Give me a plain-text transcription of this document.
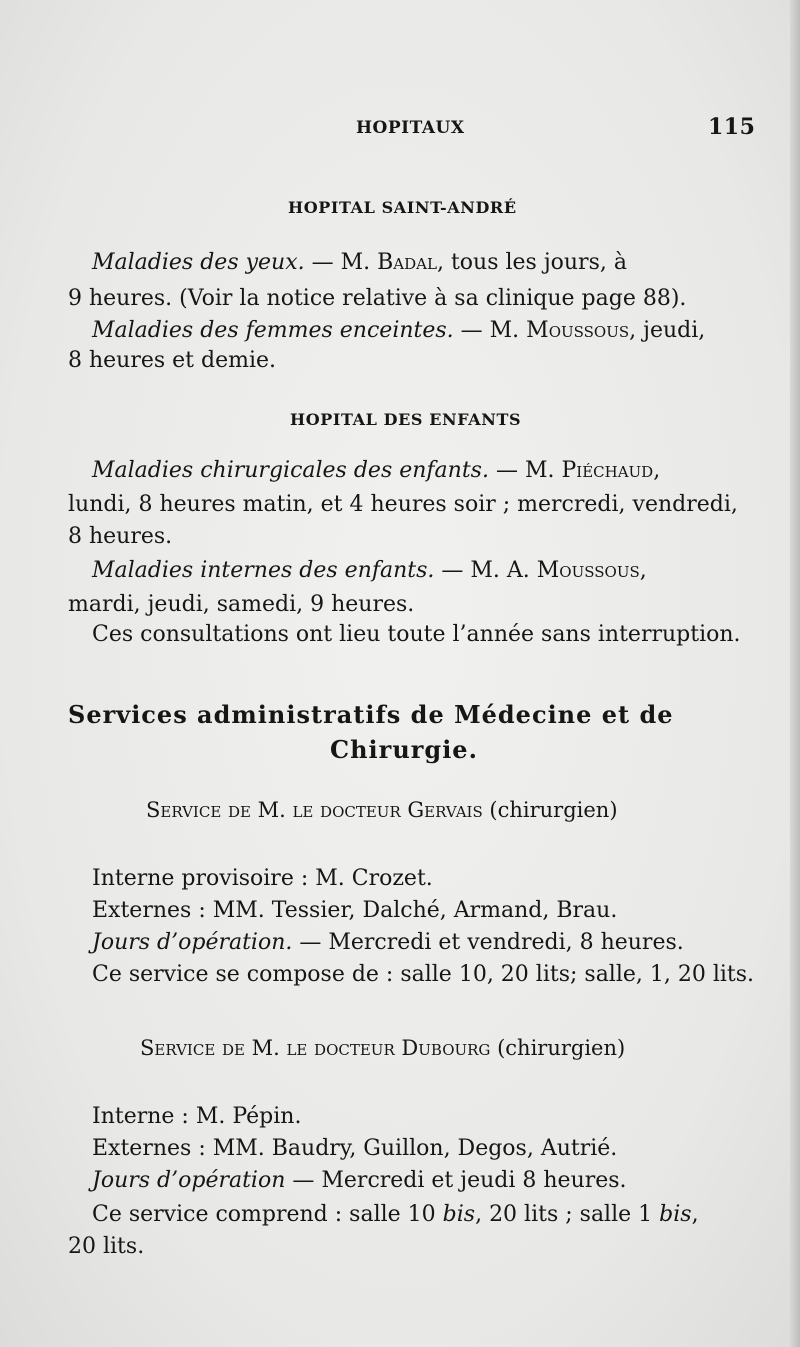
HOPITAUX	115
HOPITAL SAINT-ANDRÉ
Maladies des yeux. — M. Badal, tous les jours, à
9 heures. (Voir la notice relative à sa clinique page 88).
Maladies des femmes enceintes. — M. Moussous, jeudi,
8 heures et demie.
HOPITAL DES ENFANTS
Maladies chirurgicales des enfants. — M. Piéchaud,
lundi, 8 heures matin, et 4 heures soir ; mercredi, vendredi,
8 heures.
Maladies internes des enfants. — M. A. Moussous,
mardi, jeudi, samedi, 9 heures.
Ces consultations ont lieu toute l’année sans interruption.
Services administratifs de Médecine et de
Chirurgie.
Service de M. le docteur Gervais (chirurgien)
Interne provisoire : M. Crozet.
Externes : MM. Tessier, Dalché, Armand, Brau.
Jours d’opération. — Mercredi et vendredi, 8 heures.
Ce service se compose de : salle 10, 20 lits; salle, 1, 20 lits.
Service de M. le docteur Dubourg (chirurgien)
Interne : M. Pépin.
Externes : MM. Baudry, Guillon, Degos, Autrié.
Jours d’opération — Mercredi et jeudi 8 heures.
Ce service comprend : salle 10 bis, 20 lits ; salle 1 bis,
20 lits.
